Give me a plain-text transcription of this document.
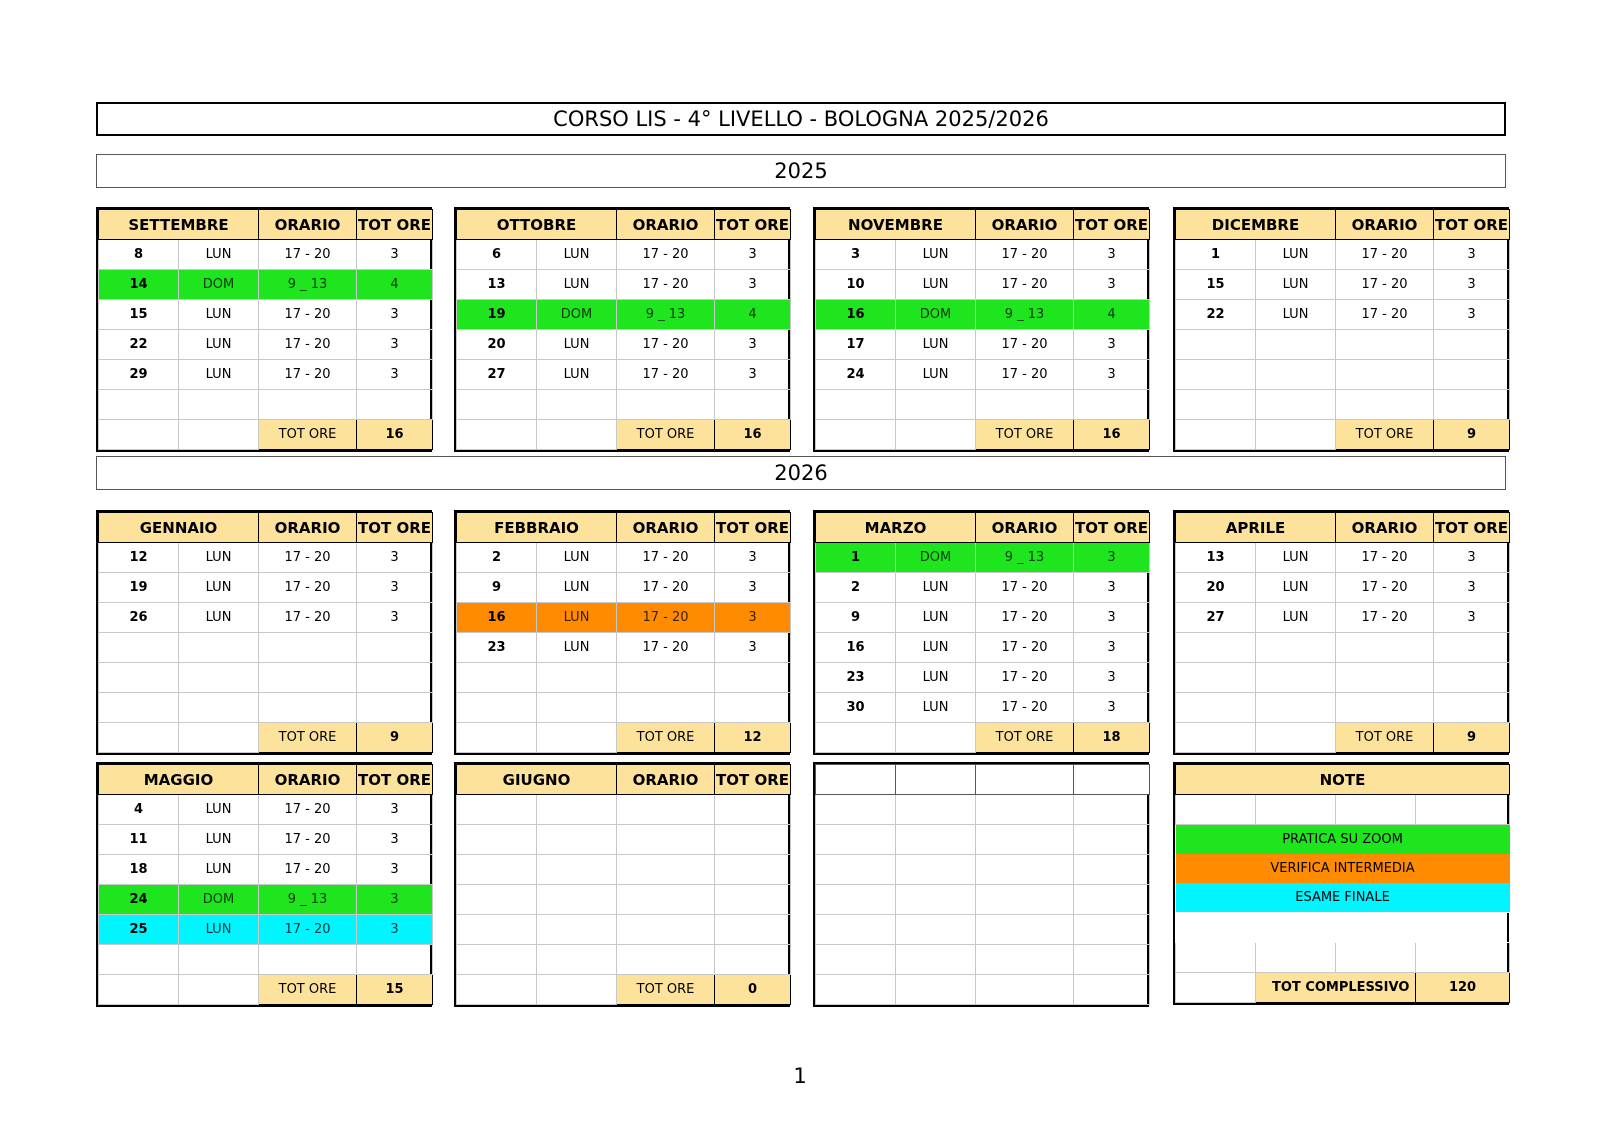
CORSO LIS - 4° LIVELLO - BOLOGNA 2025/2026
2025
2026
SETTEMBRE		ORARIO	TOT ORE
8	LUN	17 - 20	3
14	DOM	9 _ 13	4
15	LUN	17 - 20	3
22	LUN	17 - 20	3
29	LUN	17 - 20	3

		TOT ORE	16
OTTOBRE		ORARIO	TOT ORE
6	LUN	17 - 20	3
13	LUN	17 - 20	3
19	DOM	9 _ 13	4
20	LUN	17 - 20	3
27	LUN	17 - 20	3

		TOT ORE	16
NOVEMBRE		ORARIO	TOT ORE
3	LUN	17 - 20	3
10	LUN	17 - 20	3
16	DOM	9 _ 13	4
17	LUN	17 - 20	3
24	LUN	17 - 20	3

		TOT ORE	16
DICEMBRE		ORARIO	TOT ORE
1	LUN	17 - 20	3
15	LUN	17 - 20	3
22	LUN	17 - 20	3

		TOT ORE	9
GENNAIO		ORARIO	TOT ORE
12	LUN	17 - 20	3
19	LUN	17 - 20	3
26	LUN	17 - 20	3

		TOT ORE	9
FEBBRAIO		ORARIO	TOT ORE
2	LUN	17 - 20	3
9	LUN	17 - 20	3
16	LUN	17 - 20	3
23	LUN	17 - 20	3

		TOT ORE	12
MARZO		ORARIO	TOT ORE
1	DOM	9 _ 13	3
2	LUN	17 - 20	3
9	LUN	17 - 20	3
16	LUN	17 - 20	3
23	LUN	17 - 20	3
30	LUN	17 - 20	3
		TOT ORE	18
APRILE		ORARIO	TOT ORE
13	LUN	17 - 20	3
20	LUN	17 - 20	3
27	LUN	17 - 20	3

		TOT ORE	9
MAGGIO		ORARIO	TOT ORE
4	LUN	17 - 20	3
11	LUN	17 - 20	3
18	LUN	17 - 20	3
24	DOM	9 _ 13	3
25	LUN	17 - 20	3

		TOT ORE	15
GIUGNO		ORARIO	TOT ORE

		TOT ORE	0

NOTE			

PRATICA SU ZOOM			
VERIFICA INTERMEDIA			
ESAME FINALE			

	TOT COMPLESSIVO		120
1
